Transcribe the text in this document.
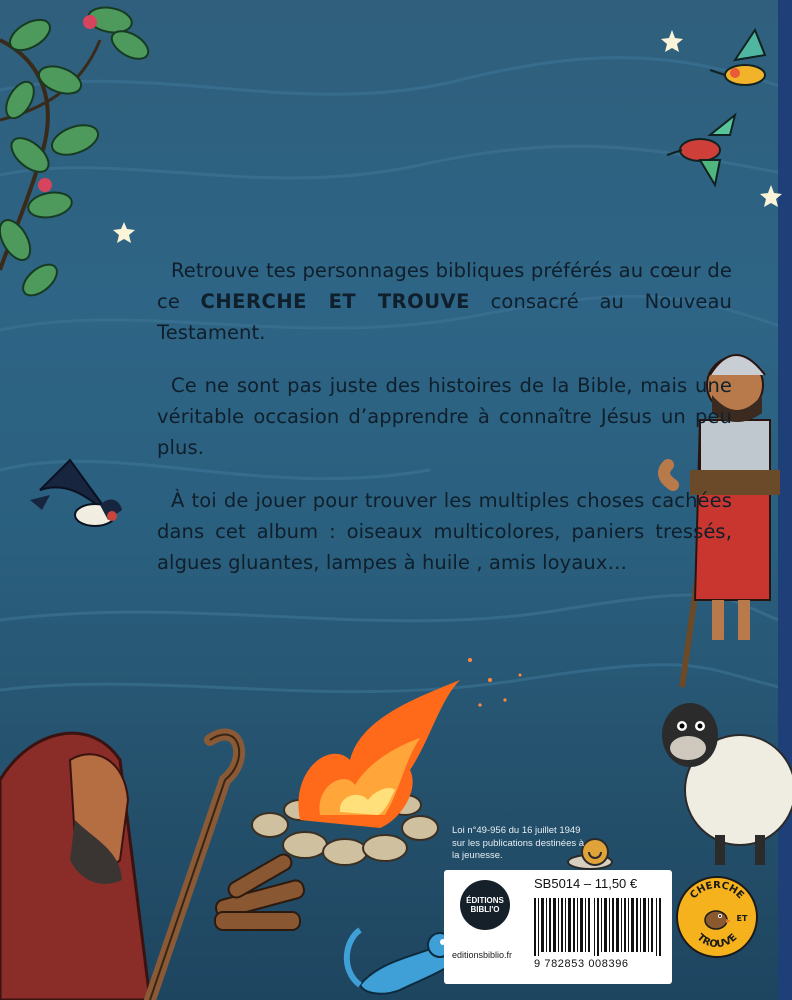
Retrouve tes personnages bibliques préférés au cœur de ce CHERCHE ET TROUVE consacré au Nouveau Testament.

Ce ne sont pas juste des histoires de la Bible, mais une véritable occasion d’apprendre à connaître Jésus un peu plus.

À toi de jouer pour trouver les multiples choses cachées dans cet album : oiseaux multicolores, paniers tressés, algues gluantes, lampes à huile , amis loyaux…

Loi n°49-956 du 16 juillet 1949 sur les publications destinées à la jeunesse.
ÉDITIONS
BIBLI'O
editionsbiblio.fr
SB5014 – 11,50 €
9 782853 008396
CHERCHE
ET
TROUVE
